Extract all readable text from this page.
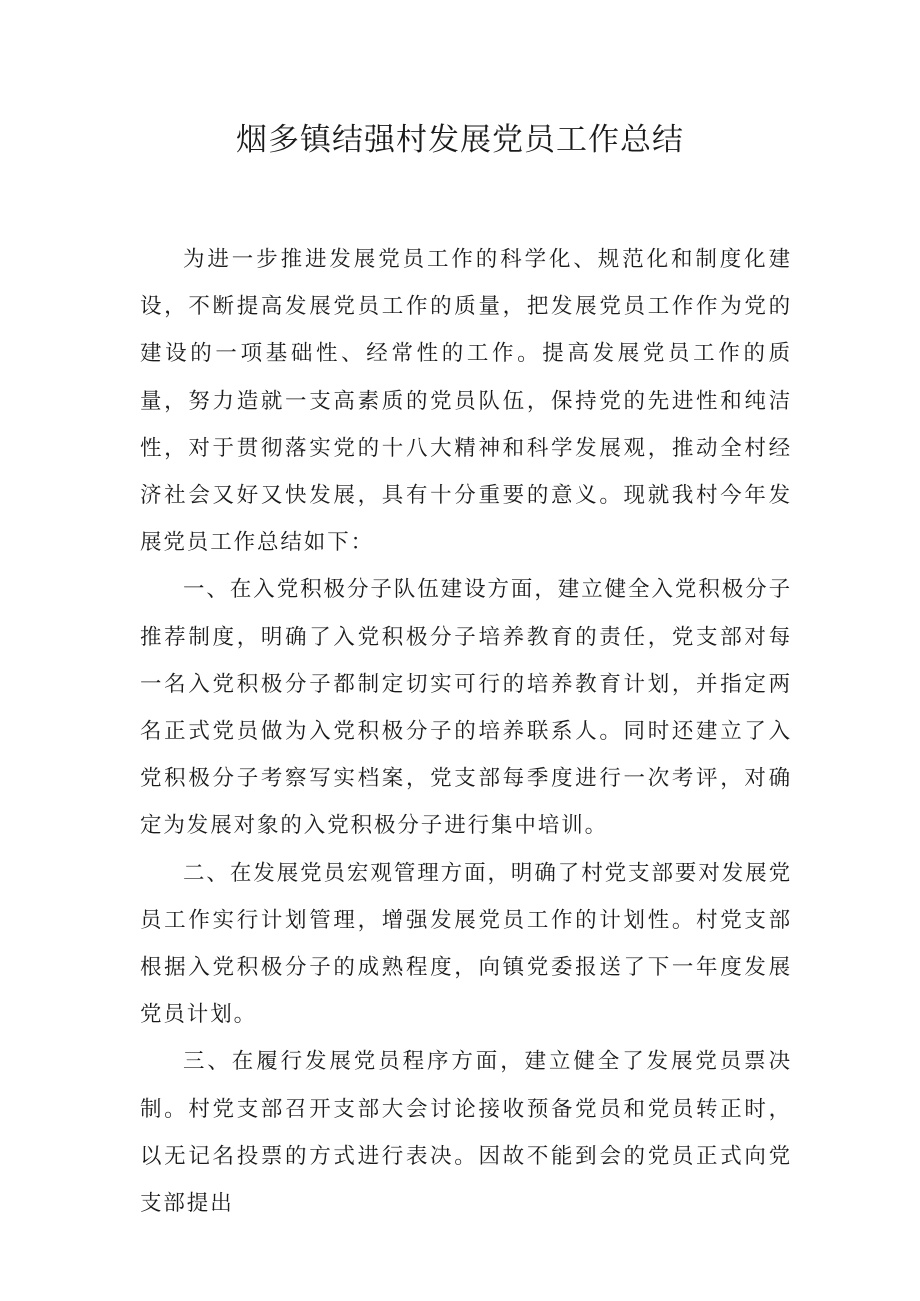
烟多镇结强村发展党员工作总结

为进一步推进发展党员工作的科学化、规范化和制度化建设，不断提高发展党员工作的质量，把发展党员工作作为党的建设的一项基础性、经常性的工作。提高发展党员工作的质量，努力造就一支高素质的党员队伍，保持党的先进性和纯洁性，对于贯彻落实党的十八大精神和科学发展观，推动全村经济社会又好又快发展，具有十分重要的意义。现就我村今年发展党员工作总结如下：

一、在入党积极分子队伍建设方面，建立健全入党积极分子推荐制度，明确了入党积极分子培养教育的责任，党支部对每一名入党积极分子都制定切实可行的培养教育计划，并指定两名正式党员做为入党积极分子的培养联系人。同时还建立了入党积极分子考察写实档案，党支部每季度进行一次考评，对确定为发展对象的入党积极分子进行集中培训。

二、在发展党员宏观管理方面，明确了村党支部要对发展党员工作实行计划管理，增强发展党员工作的计划性。村党支部根据入党积极分子的成熟程度，向镇党委报送了下一年度发展党员计划。

三、在履行发展党员程序方面，建立健全了发展党员票决制。村党支部召开支部大会讨论接收预备党员和党员转正时，以无记名投票的方式进行表决。因故不能到会的党员正式向党支部提出
